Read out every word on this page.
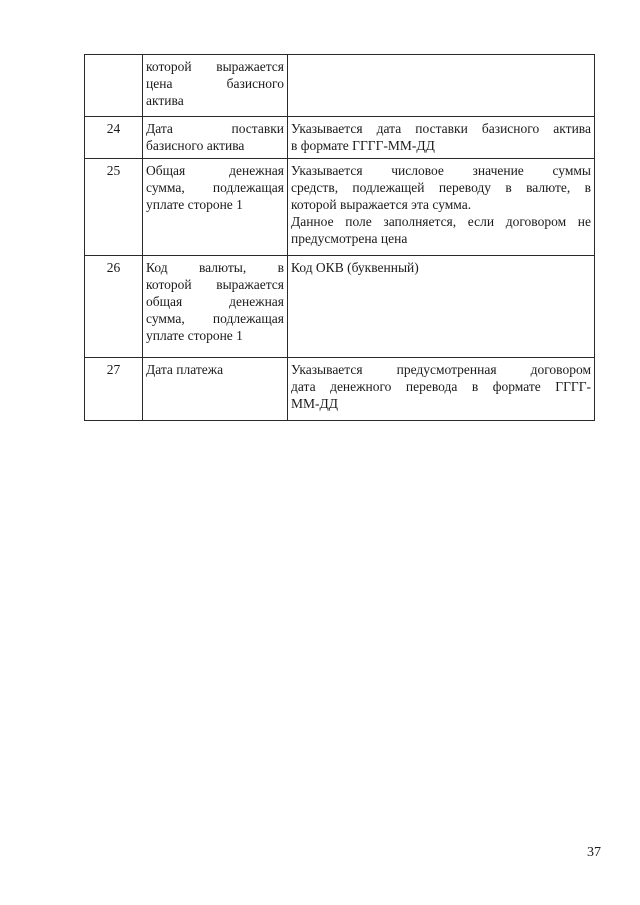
	которой выражается
цена базисного
актива	

24	Дата поставки
базисного актива	Указывается дата поставки базисного актива
в формате ГГГГ-ММ-ДД

25	Общая денежная
сумма, подлежащая
уплате стороне 1	Указывается числовое значение суммы
средств, подлежащей переводу в валюте, в
которой выражается эта сумма.
Данное поле заполняется, если договором не
предусмотрена цена

26	Код валюты, в
которой выражается
общая денежная
сумма, подлежащая
уплате стороне 1	Код ОКВ (буквенный)

27	Дата платежа	Указывается предусмотренная договором
дата денежного перевода в формате ГГГГ-
ММ-ДД
37
